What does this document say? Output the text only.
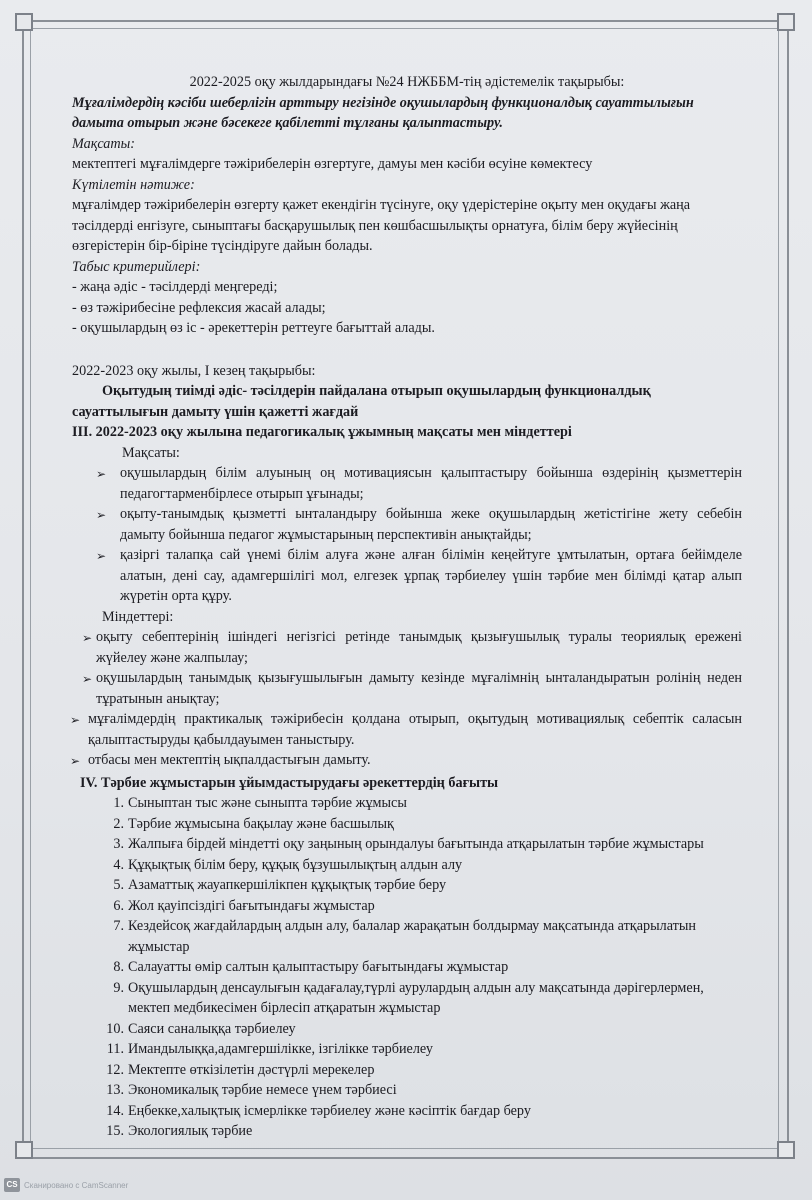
2022-2025 оқу жылдарындағы №24 НЖББМ-тің әдістемелік тақырыбы:

Мұғалімдердің кәсіби шеберлігін арттыру негізінде оқушылардың функционалдық сауаттылығын дамыта отырып және бәсекеге қабілетті тұлғаны қалыптастыру.

Мақсаты:

мектептегі мұғалімдерге тәжірибелерін өзгертуге, дамуы мен кәсіби өсуіне көмектесу

Күтілетін нәтиже:

мұғалімдер тәжірибелерін өзгерту қажет екендігін түсінуге, оқу үдерістеріне оқыту мен оқудағы жаңа тәсілдерді енгізуге, сыныптағы басқарушылық пен көшбасшылықты орнатуға, білім беру жүйесінің өзгерістерін бір-біріне түсіндіруге дайын болады.

Табыс критерийлері:

- жаңа әдіс - тәсілдерді меңгереді;

- өз тәжірибесіне рефлексия жасай алады;

- оқушылардың өз іс - әрекеттерін реттеуге бағыттай алады.

2022-2023 оқу жылы, І кезең тақырыбы:

Оқытудың тиімді әдіс- тәсілдерін пайдалана отырып оқушылардың функционалдық сауаттылығын дамыту үшін қажетті жағдай

ІІІ. 2022-2023 оқу жылына педагогикалық ұжымның мақсаты мен міндеттері

Мақсаты:

➢ оқушылардың білім алуының оң мотивациясын қалыптастыру бойынша өздерінің қызметтерін педагогтарменбірлесе отырып ұғынады;
➢ оқыту-танымдық қызметті ынталандыру бойынша жеке оқушылардың жетістігіне жету себебін дамыту бойынша педагог жұмыстарының перспективін анықтайды;
➢ қазіргі талапқа сай үнемі білім алуға және алған білімін кеңейтуге ұмтылатын, ортаға бейімделе алатын, дені сау, адамгершілігі мол, елгезек ұрпақ тәрбиелеу үшін тәрбие мен білімді қатар алып жүретін орта құру.

Міндеттері:

➢ оқыту себептерінің ішіндегі негізгісі ретінде танымдық қызығушылық туралы теориялық ережені жүйелеу және жалпылау;
➢ оқушылардың танымдық қызығушылығын дамыту кезінде мұғалімнің ынталандыратын ролінің неден тұратынын анықтау;
➢ мұғалімдердің практикалық тәжірибесін қолдана отырып, оқытудың мотивациялық себептік саласын қалыптастыруды қабылдауымен таныстыру.
➢ отбасы мен мектептің ықпалдастығын дамыту.

IV. Тәрбие жұмыстарын ұйымдастырудағы әрекеттердің бағыты

1. Сыныптан тыс және сыныпта тәрбие жұмысы
2. Тәрбие жұмысына бақылау және басшылық
3. Жалпыға бірдей міндетті оқу заңының орындалуы бағытында атқарылатын тәрбие жұмыстары
4. Құқықтық білім беру, құқық бұзушылықтың алдын алу
5. Азаматтық жауапкершілікпен құқықтық тәрбие беру
6. Жол қауіпсіздігі бағытындағы жұмыстар
7. Кездейсоқ жағдайлардың алдын алу, балалар жарақатын болдырмау мақсатында атқарылатын жұмыстар
8. Салауатты өмір салтын қалыптастыру бағытындағы жұмыстар
9. Оқушылардың денсаулығын қадағалау,түрлі аурулардың алдын алу мақсатында дәрігерлермен, мектеп медбикесімен бірлесіп атқаратын жұмыстар
10. Саяси саналыққа тәрбиелеу
11. Имандылыққа,адамгершілікке, ізгілікке тәрбиелеу
12. Мектепте өткізілетін дәстүрлі мерекелер
13. Экономикалық тәрбие немесе үнем тәрбиесі
14. Еңбекке,халықтық ісмерлікке тәрбиелеу және кәсіптік бағдар беру
15. Экологиялық тәрбие
CS Сканировано с CamScanner
